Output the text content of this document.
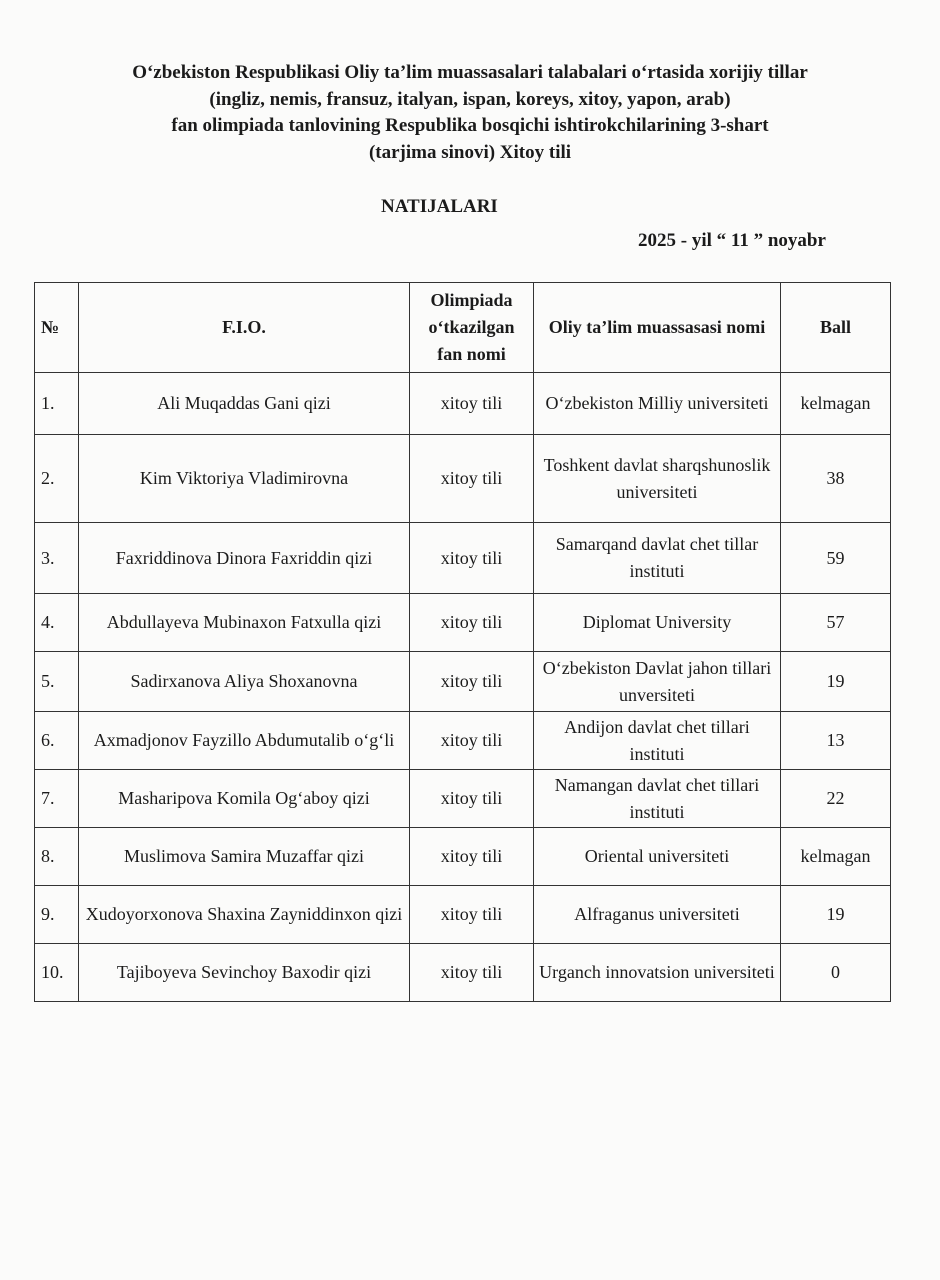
O‘zbekiston Respublikasi Oliy ta’lim muassasalari talabalari o‘rtasida xorijiy tillar
(ingliz, nemis, fransuz, italyan, ispan, koreys, xitoy, yapon, arab)
fan olimpiada tanlovining Respublika bosqichi ishtirokchilarining 3-shart
(tarjima sinovi) Xitoy tili
NATIJALARI
2025 - yil “ 11 ” noyabr
№	F.I.O.	Olimpiada o‘tkazilgan fan nomi	Oliy ta’lim muassasasi nomi	Ball
1.	Ali Muqaddas Gani qizi	xitoy tili	O‘zbekiston Milliy universiteti	kelmagan
2.	Kim Viktoriya Vladimirovna	xitoy tili	Toshkent davlat sharqshunoslik universiteti	38
3.	Faxriddinova Dinora Faxriddin qizi	xitoy tili	Samarqand davlat chet tillar instituti	59
4.	Abdullayeva Mubinaxon Fatxulla qizi	xitoy tili	Diplomat University	57
5.	Sadirxanova Aliya Shoxanovna	xitoy tili	O‘zbekiston Davlat jahon tillari unversiteti	19
6.	Axmadjonov Fayzillo Abdumutalib o‘g‘li	xitoy tili	Andijon davlat chet tillari instituti	13
7.	Masharipova Komila Og‘aboy qizi	xitoy tili	Namangan davlat chet tillari instituti	22
8.	Muslimova Samira Muzaffar qizi	xitoy tili	Oriental universiteti	kelmagan
9.	Xudoyorxonova Shaxina Zayniddinxon qizi	xitoy tili	Alfraganus universiteti	19
10.	Tajiboyeva Sevinchoy Baxodir qizi	xitoy tili	Urganch innovatsion universiteti	0
